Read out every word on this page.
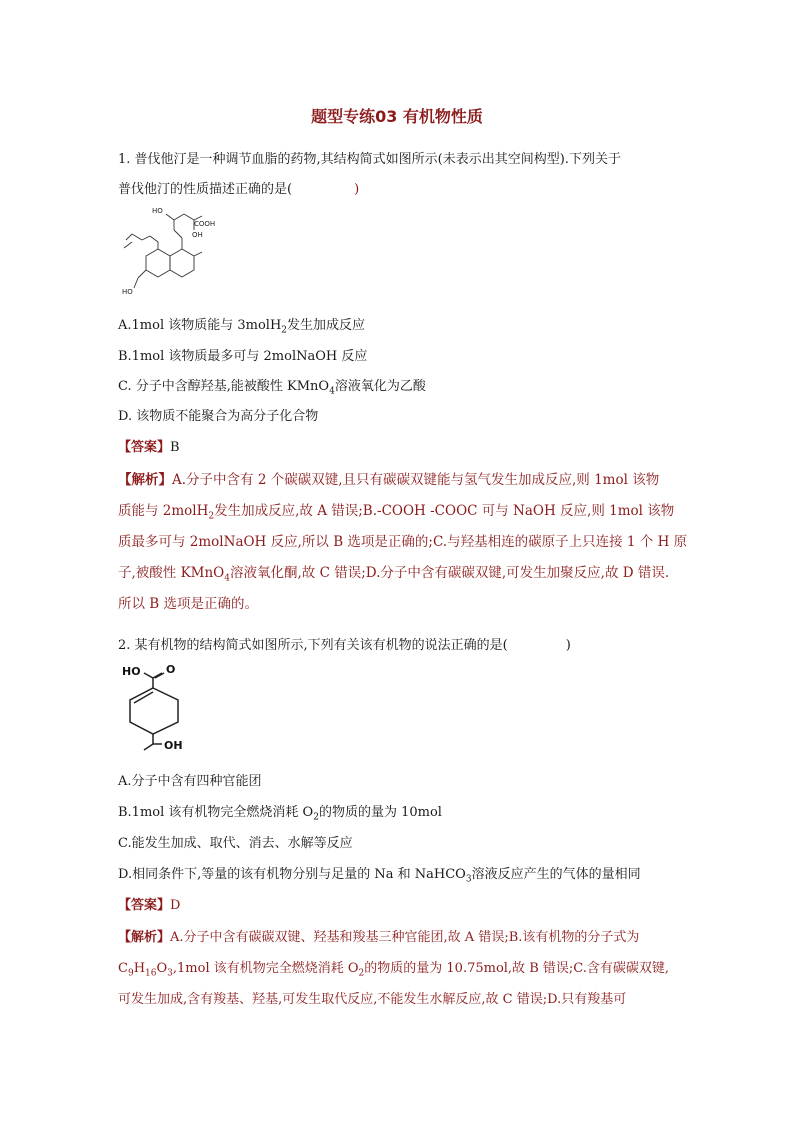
题型专练03 有机物性质
1. 普伐他汀是一种调节血脂的药物,其结构简式如图所示(未表示出其空间构型).下列关于
普伐他汀的性质描述正确的是(	)
HO
COOH
OH
HO
A.1mol 该物质能与 3molH$_2$发生加成反应
B.1mol 该物质最多可与 2molNaOH 反应
C. 分子中含醇羟基,能被酸性 KMnO$_4$溶液氧化为乙酸
D. 该物质不能聚合为高分子化合物
【答案】B
【解析】A.分子中含有 2 个碳碳双键,且只有碳碳双键能与氢气发生加成反应,则 1mol 该物
质能与 2molH$_2$发生加成反应,故 A 错误;B.-COOH -COOC 可与 NaOH 反应,则 1mol 该物
质最多可与 2molNaOH 反应,所以 B 选项是正确的;C.与羟基相连的碳原子上只连接 1 个 H 原
子,被酸性 KMnO$_4$溶液氧化酮,故 C 错误;D.分子中含有碳碳双键,可发生加聚反应,故 D 错误.
所以 B 选项是正确的。
2. 某有机物的结构简式如图所示,下列有关该有机物的说法正确的是(	)
HO O
OH
A.分子中含有四种官能团
B.1mol 该有机物完全燃烧消耗 $O_2$的物质的量为 10mol
C.能发生加成、取代、消去、水解等反应
D.相同条件下,等量的该有机物分别与足量的 Na 和 NaHCO$_3$溶液反应产生的气体的量相同
【答案】D
【解析】A.分子中含有碳碳双键、羟基和羧基三种官能团,故 A 错误;B.该有机物的分子式为
$C_9H_{16}O_3,1mol$ 该有机物完全燃烧消耗 $O_2$的物质的量为 10.75mol,故 B 错误;C.含有碳碳双键,
可发生加成,含有羧基、羟基,可发生取代反应,不能发生水解反应,故 C 错误;D.只有羧基可
